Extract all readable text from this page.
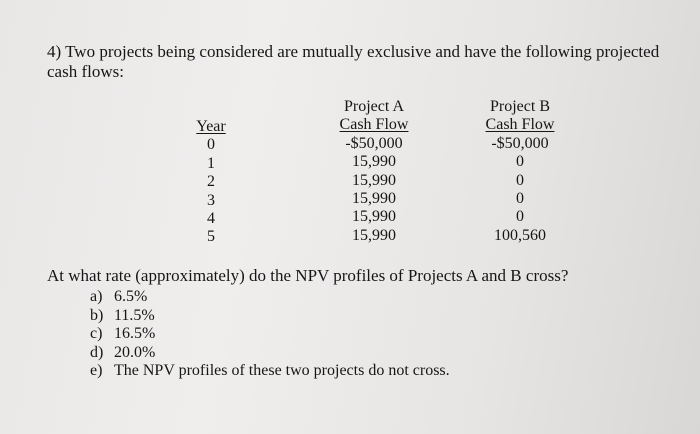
4) Two projects being considered are mutually exclusive and have the following projected cash flows:
Year
0
1
2
3
4
5
Project A
Cash Flow
-$50,000
15,990
15,990
15,990
15,990
15,990
Project B
Cash Flow
-$50,000
0
0
0
0
100,560
At what rate (approximately) do the NPV profiles of Projects A and B cross?
a) 6.5%
b) 11.5%
c) 16.5%
d) 20.0%
e) The NPV profiles of these two projects do not cross.
